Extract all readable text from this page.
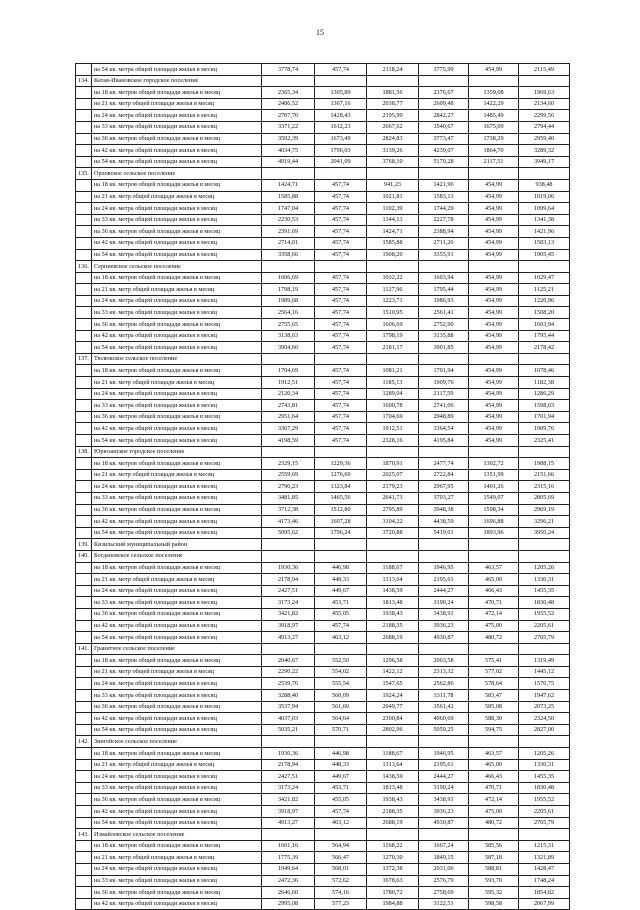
15
	на 54 кв. метра общей площади жилья в месяц	3778,74	457,74	2118,24	3775,99	454,99	2115,49
134.	Катав-Ивановское городское поселение						
	на 18 кв. метров общей площади жилья в месяц	2365,34	1305,89	1881,56	2376,67	1359,08	1969,63
	на 21 кв. метр общей площади жилья в месяц	2486,52	1367,16	2038,77	2609,48	1422,29	2134,60
	на 24 кв. метра общей площади жилья в месяц	2707,70	1428,43	2195,99	2842,27	1485,49	2299,56
	на 33 кв. метра общей площади жилья в месяц	3371,22	1612,23	2667,62	3540,67	1675,09	2794,44
	на 36 кв. метров общей площади жилья в месяц	3592,39	1673,49	2824,83	3773,47	1738,29	2959,40
	на 42 кв. метра общей площади жилья в месяц	4034,75	1796,03	3139,26	4239,07	1864,70	3289,32
	на 54 кв. метра общей площади жилья в месяц	4919,44	2041,09	3768,10	5170,28	2117,51	3949,17
135.	Орловское сельское поселение						
	на 18 кв. метров общей площади жилья в месяц	1424,71	457,74	941,23	1421,96	454,99	938,48
	на 21 кв. метр общей площади жилья в месяц	1585,88	457,74	1021,81	1583,13	454,99	1019,06
	на 24 кв. метра общей площади жилья в месяц	1747,04	457,74	1102,39	1744,29	454,99	1099,64
	на 33 кв. метра общей площади жилья в месяц	2230,53	457,74	1344,13	2227,78	454,99	1341,38
	на 36 кв. метров общей площади жилья в месяц	2391,69	457,74	1424,71	2388,94	454,99	1421,96
	на 42 кв. метра общей площади жилья в месяц	2714,01	457,74	1585,88	2711,26	454,99	1583,13
	на 54 кв. метра общей площади жилья в месяц	3358,66	457,74	1908,20	3355,91	454,99	1905,45
136.	Серпиевское сельское поселение						
	на 18 кв. метров общей площади жилья в месяц	1606,69	457,74	1032,22	1603,94	454,99	1029,47
	на 21 кв. метр общей площади жилья в месяц	1798,19	457,74	1127,96	1795,44	454,99	1125,21
	на 24 кв. метра общей площади жилья в месяц	1989,68	457,74	1223,71	1986,93	454,99	1220,96
	на 33 кв. метра общей площади жилья в месяц	2564,16	457,74	1510,95	2561,41	454,99	1508,20
	на 36 кв. метров общей площади жилья в месяц	2755,65	457,74	1606,69	2752,90	454,99	1603,94
	на 42 кв. метра общей площади жилья в месяц	3138,63	457,74	1798,19	3135,88	454,99	1795,44
	на 54 кв. метра общей площади жилья в месяц	3904,60	457,74	2181,17	3901,85	454,99	2178,42
137.	Тюлюкское сельское поселение						
	на 18 кв. метров общей площади жилья в месяц	1704,69	457,74	1081,21	1701,94	454,99	1078,46
	на 21 кв. метр общей площади жилья в месяц	1912,51	457,74	1185,13	1909,76	454,99	1182,38
	на 24 кв. метра общей площади жилья в месяц	2120,34	457,74	1289,04	2117,59	454,99	1286,29
	на 33 кв. метра общей площади жилья в месяц	2743,81	457,74	1600,78	2741,06	454,99	1598,03
	на 36 кв. метров общей площади жилья в месяц	2951,64	457,74	1704,69	2948,89	454,99	1701,94
	на 42 кв. метра общей площади жилья в месяц	3367,29	457,74	1912,51	3364,54	454,99	1909,76
	на 54 кв. метра общей площади жилья в месяц	4198,59	457,74	2328,16	4195,84	454,99	2325,41
138.	Юрюзанское городское поселение						
	на 18 кв. метров общей площади жилья в месяц	2329,15	1229,36	1870,91	2477,74	1302,72	1988,15
	на 21 кв. метр общей площади жилья в месяц	2559,69	1276,60	2025,07	2722,84	1351,99	2151,66
	на 24 кв. метра общей площади жилья в месяц	2790,23	1323,84	2179,23	2967,95	1401,26	2315,16
	на 33 кв. метра общей площади жилья в месяц	3481,85	1465,56	2641,73	3703,27	1549,07	2805,69
	на 36 кв. метров общей площади жилья в месяц	3712,38	1512,80	2795,89	3948,38	1598,34	2969,19
	на 42 кв. метра общей площади жилья в месяц	4173,46	1607,28	3104,22	4438,59	1696,88	3296,21
	на 54 кв. метра общей площади жилья в месяц	5095,62	1796,24	3720,88	5419,01	1893,96	3950,24
139.	Кизильский муниципальный район						
140.	Богдановское сельское поселение						
	на 18 кв. метров общей площади жилья в месяц	1930,36	446,98	1188,67	1946,95	463,57	1205,26
	на 21 кв. метр общей площади жилья в месяц	2178,94	448,33	1313,64	2195,61	465,00	1330,31
	на 24 кв. метра общей площади жилья в месяц	2427,51	449,67	1438,59	2444,27	466,43	1455,35
	на 33 кв. метра общей площади жилья в месяц	3173,24	453,71	1813,48	3190,24	470,71	1830,48
	на 36 кв. метров общей площади жилья в месяц	3421,82	455,05	1938,43	3438,91	472,14	1955,52
	на 42 кв. метра общей площади жилья в месяц	3918,97	457,74	2188,35	3936,23	475,00	2205,61
	на 54 кв. метра общей площади жилья в месяц	4913,27	463,12	2688,19	4930,87	480,72	2705,79
141.	Гранитное сельское поселение						
	на 18 кв. метров общей площади жилья в месяц	2040,67	552,50	1296,58	2063,58	575,41	1319,49
	на 21 кв. метр общей площади жилья в месяц	2290,22	554,02	1422,12	2313,32	577,02	1445,12
	на 24 кв. метра общей площади жилья в месяц	2539,76	555,54	1547,65	2562,86	578,64	1570,75
	на 33 кв. метра общей площади жилья в месяц	3288,40	560,09	1924,24	3311,78	583,47	1947,62
	на 36 кв. метров общей площади жилья в месяц	3537,94	561,60	2049,77	3561,42	585,08	2073,25
	на 42 кв. метра общей площади жилья в месяц	4037,03	564,64	2300,84	4060,69	588,30	2324,50
	на 54 кв. метра общей площади жилья в месяц	5035,21	570,71	2802,96	5059,25	594,75	2827,00
142.	Зингейское сельское поселение						
	на 18 кв. метров общей площади жилья в месяц	1930,36	446,98	1188,67	1946,95	463,57	1205,26
	на 21 кв. метр общей площади жилья в месяц	2178,94	448,33	1313,64	2195,61	465,00	1330,31
	на 24 кв. метра общей площади жилья в месяц	2427,51	449,67	1438,59	2444,27	466,43	1455,35
	на 33 кв. метра общей площади жилья в месяц	3173,24	453,71	1813,48	3190,24	470,71	1830,48
	на 36 кв. метров общей площади жилья в месяц	3421,82	455,05	1938,43	3438,91	472,14	1955,52
	на 42 кв. метра общей площади жилья в месяц	3918,97	457,74	2188,35	3936,23	475,00	2205,61
	на 54 кв. метра общей площади жилья в месяц	4913,27	463,12	2688,19	4930,87	480,72	2705,79
143.	Измайловское сельское поселение						
	на 18 кв. метров общей площади жилья в месяц	1601,16	564,94	1168,22	1667,24	585,56	1215,31
	на 21 кв. метр общей площади жилья в месяц	1775,39	566,47	1270,30	1849,15	587,18	1321,89
	на 24 кв. метра общей площади жилья в месяц	1949,64	568,01	1372,38	2031,06	588,81	1428,47
	на 33 кв. метра общей площади жилья в месяц	2472,36	572,62	1678,63	2576,79	593,70	1748,24
	на 36 кв. метров общей площади жилья в месяц	2646,60	574,16	1780,72	2758,69	595,32	1854,82
	на 42 кв. метра общей площади жилья в месяц	2995,08	577,23	1984,88	3122,51	598,58	2067,99
